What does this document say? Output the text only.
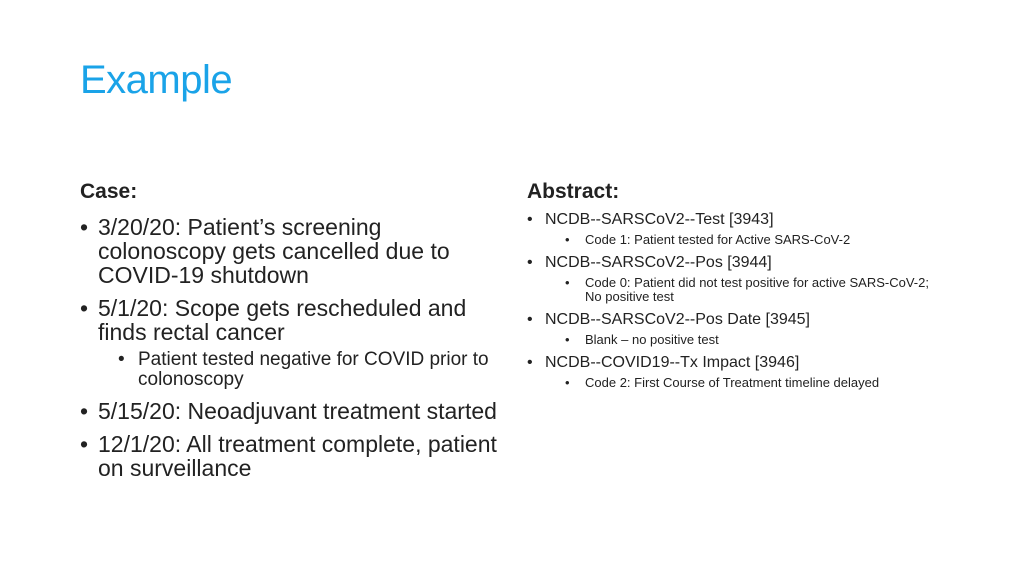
Example
Case:
• 3/20/20: Patient’s screening colonoscopy gets cancelled due to COVID-19 shutdown
• 5/1/20: Scope gets rescheduled and finds rectal cancer
• Patient tested negative for COVID prior to colonoscopy
• 5/15/20: Neoadjuvant treatment started
• 12/1/20: All treatment complete, patient on surveillance
Abstract:
• NCDB--SARSCoV2--Test [3943]
• Code 1: Patient tested for Active SARS-CoV-2
• NCDB--SARSCoV2--Pos [3944]
• Code 0: Patient did not test positive for active SARS-CoV-2; No positive test
• NCDB--SARSCoV2--Pos Date [3945]
• Blank – no positive test
• NCDB--COVID19--Tx Impact [3946]
• Code 2: First Course of Treatment timeline delayed
